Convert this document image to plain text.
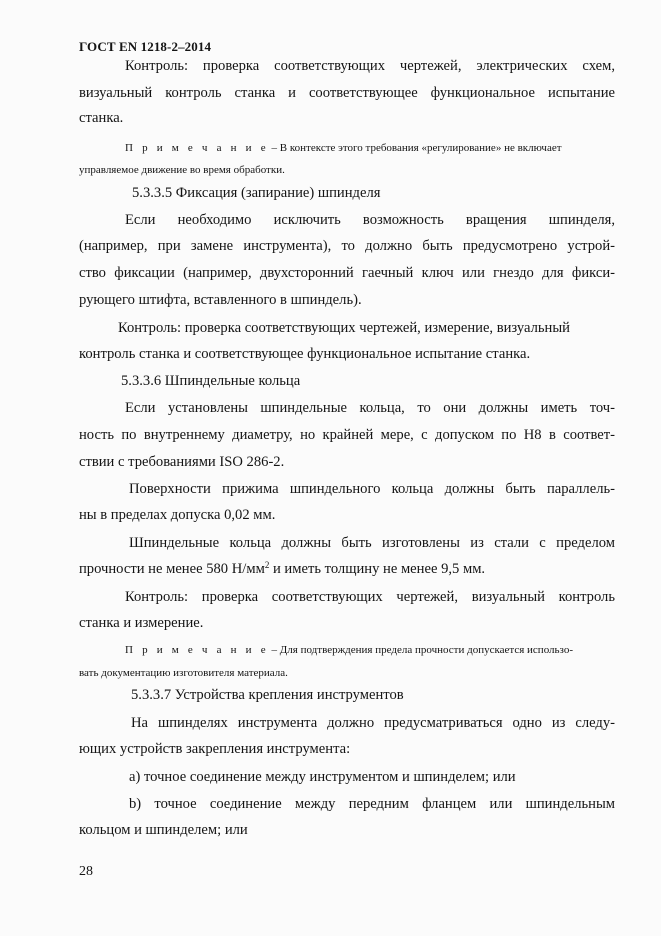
ГОСТ EN 1218-2–2014
Контроль: проверка соответствующих чертежей, электрических схем,
визуальный контроль станка и соответствующее функциональное испытание
станка.
П р и м е ч а н и е – В контексте этого требования «регулирование» не включает
управляемое движение во время обработки.
5.3.3.5 Фиксация (запирание) шпинделя
Если необходимо исключить возможность вращения шпинделя,
(например, при замене инструмента), то должно быть предусмотрено устрой-
ство фиксации (например, двухсторонний гаечный ключ или гнездо для фикси-
рующего штифта, вставленного в шпиндель).
Контроль: проверка соответствующих чертежей, измерение, визуальный
контроль станка и соответствующее функциональное испытание станка.
5.3.3.6 Шпиндельные кольца
Если установлены шпиндельные кольца, то они должны иметь точ-
ность по внутреннему диаметру, но крайней мере, с допуском по H8 в соответ-
ствии с требованиями ISO 286-2.
Поверхности прижима шпиндельного кольца должны быть параллель-
ны в пределах допуска 0,02 мм.
Шпиндельные кольца должны быть изготовлены из стали с пределом
прочности не менее 580 $Н/мм^2$ и иметь толщину не менее 9,5 мм.
Контроль: проверка соответствующих чертежей, визуальный контроль
станка и измерение.
П р и м е ч а н и е – Для подтверждения предела прочности допускается использо-
вать документацию изготовителя материала.
5.3.3.7 Устройства крепления инструментов
На шпинделях инструмента должно предусматриваться одно из следу-
ющих устройств закрепления инструмента:
a) точное соединение между инструментом и шпинделем; или
b) точное соединение между передним фланцем или шпиндельным
кольцом и шпинделем; или
28
